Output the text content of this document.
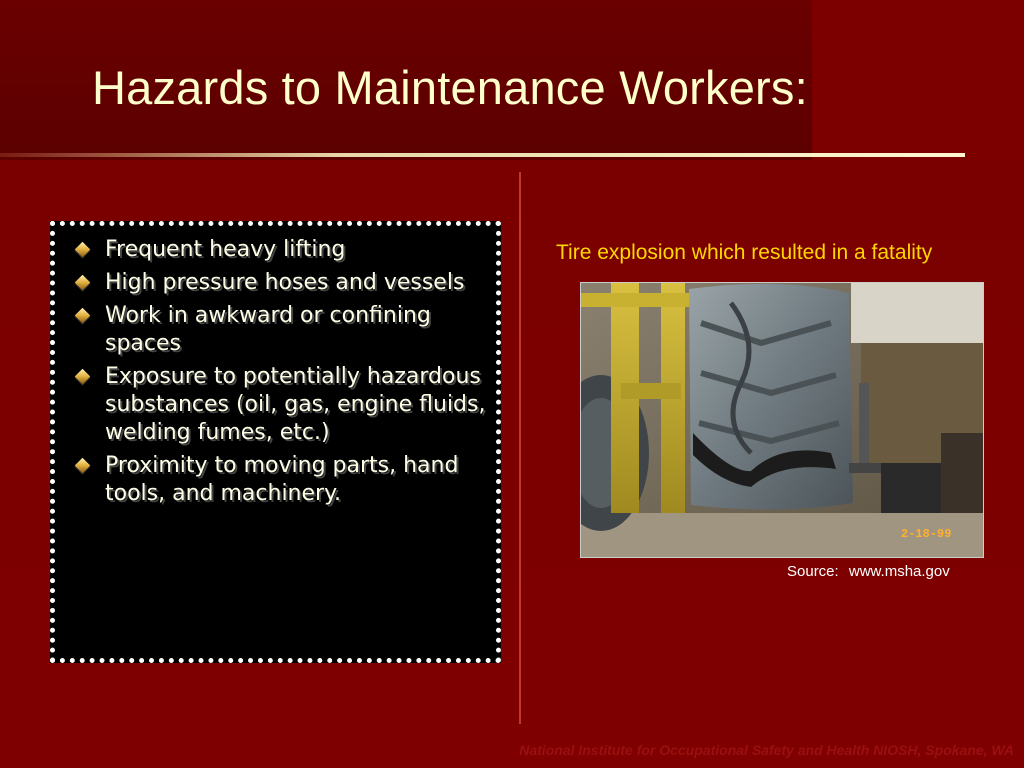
Hazards to Maintenance Workers:
Frequent heavy lifting
High pressure hoses and vessels
Work in awkward or confining spaces
Exposure to potentially hazardous substances (oil, gas, engine fluids, welding fumes, etc.)
Proximity to moving parts, hand tools, and machinery.

Tire explosion which resulted in a fatality

2-18-99

Source: www.msha.gov

National Institute for Occupational Safety and Health NIOSH, Spokane, WA
